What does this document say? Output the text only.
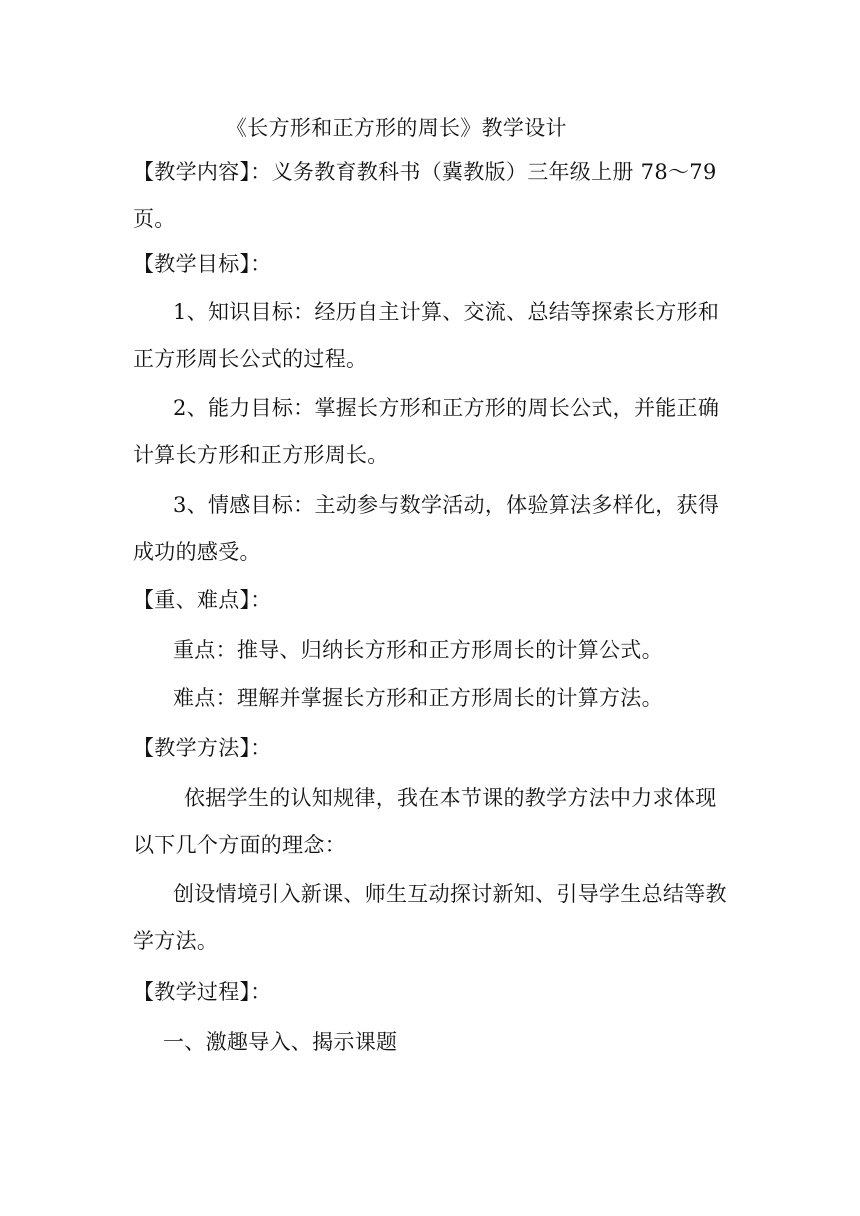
《长方形和正方形的周长》教学设计
【教学内容】：义务教育教科书（冀教版）三年级上册 78～79
页。
【教学目标】：
1、知识目标：经历自主计算、交流、总结等探索长方形和
正方形周长公式的过程。
2、能力目标：掌握长方形和正方形的周长公式，并能正确
计算长方形和正方形周长。
3、情感目标：主动参与数学活动，体验算法多样化，获得
成功的感受。
【重、难点】：
重点：推导、归纳长方形和正方形周长的计算公式。
难点：理解并掌握长方形和正方形周长的计算方法。
【教学方法】：
依据学生的认知规律，我在本节课的教学方法中力求体现
以下几个方面的理念：
创设情境引入新课、师生互动探讨新知、引导学生总结等教
学方法。
【教学过程】：
一、激趣导入、揭示课题
